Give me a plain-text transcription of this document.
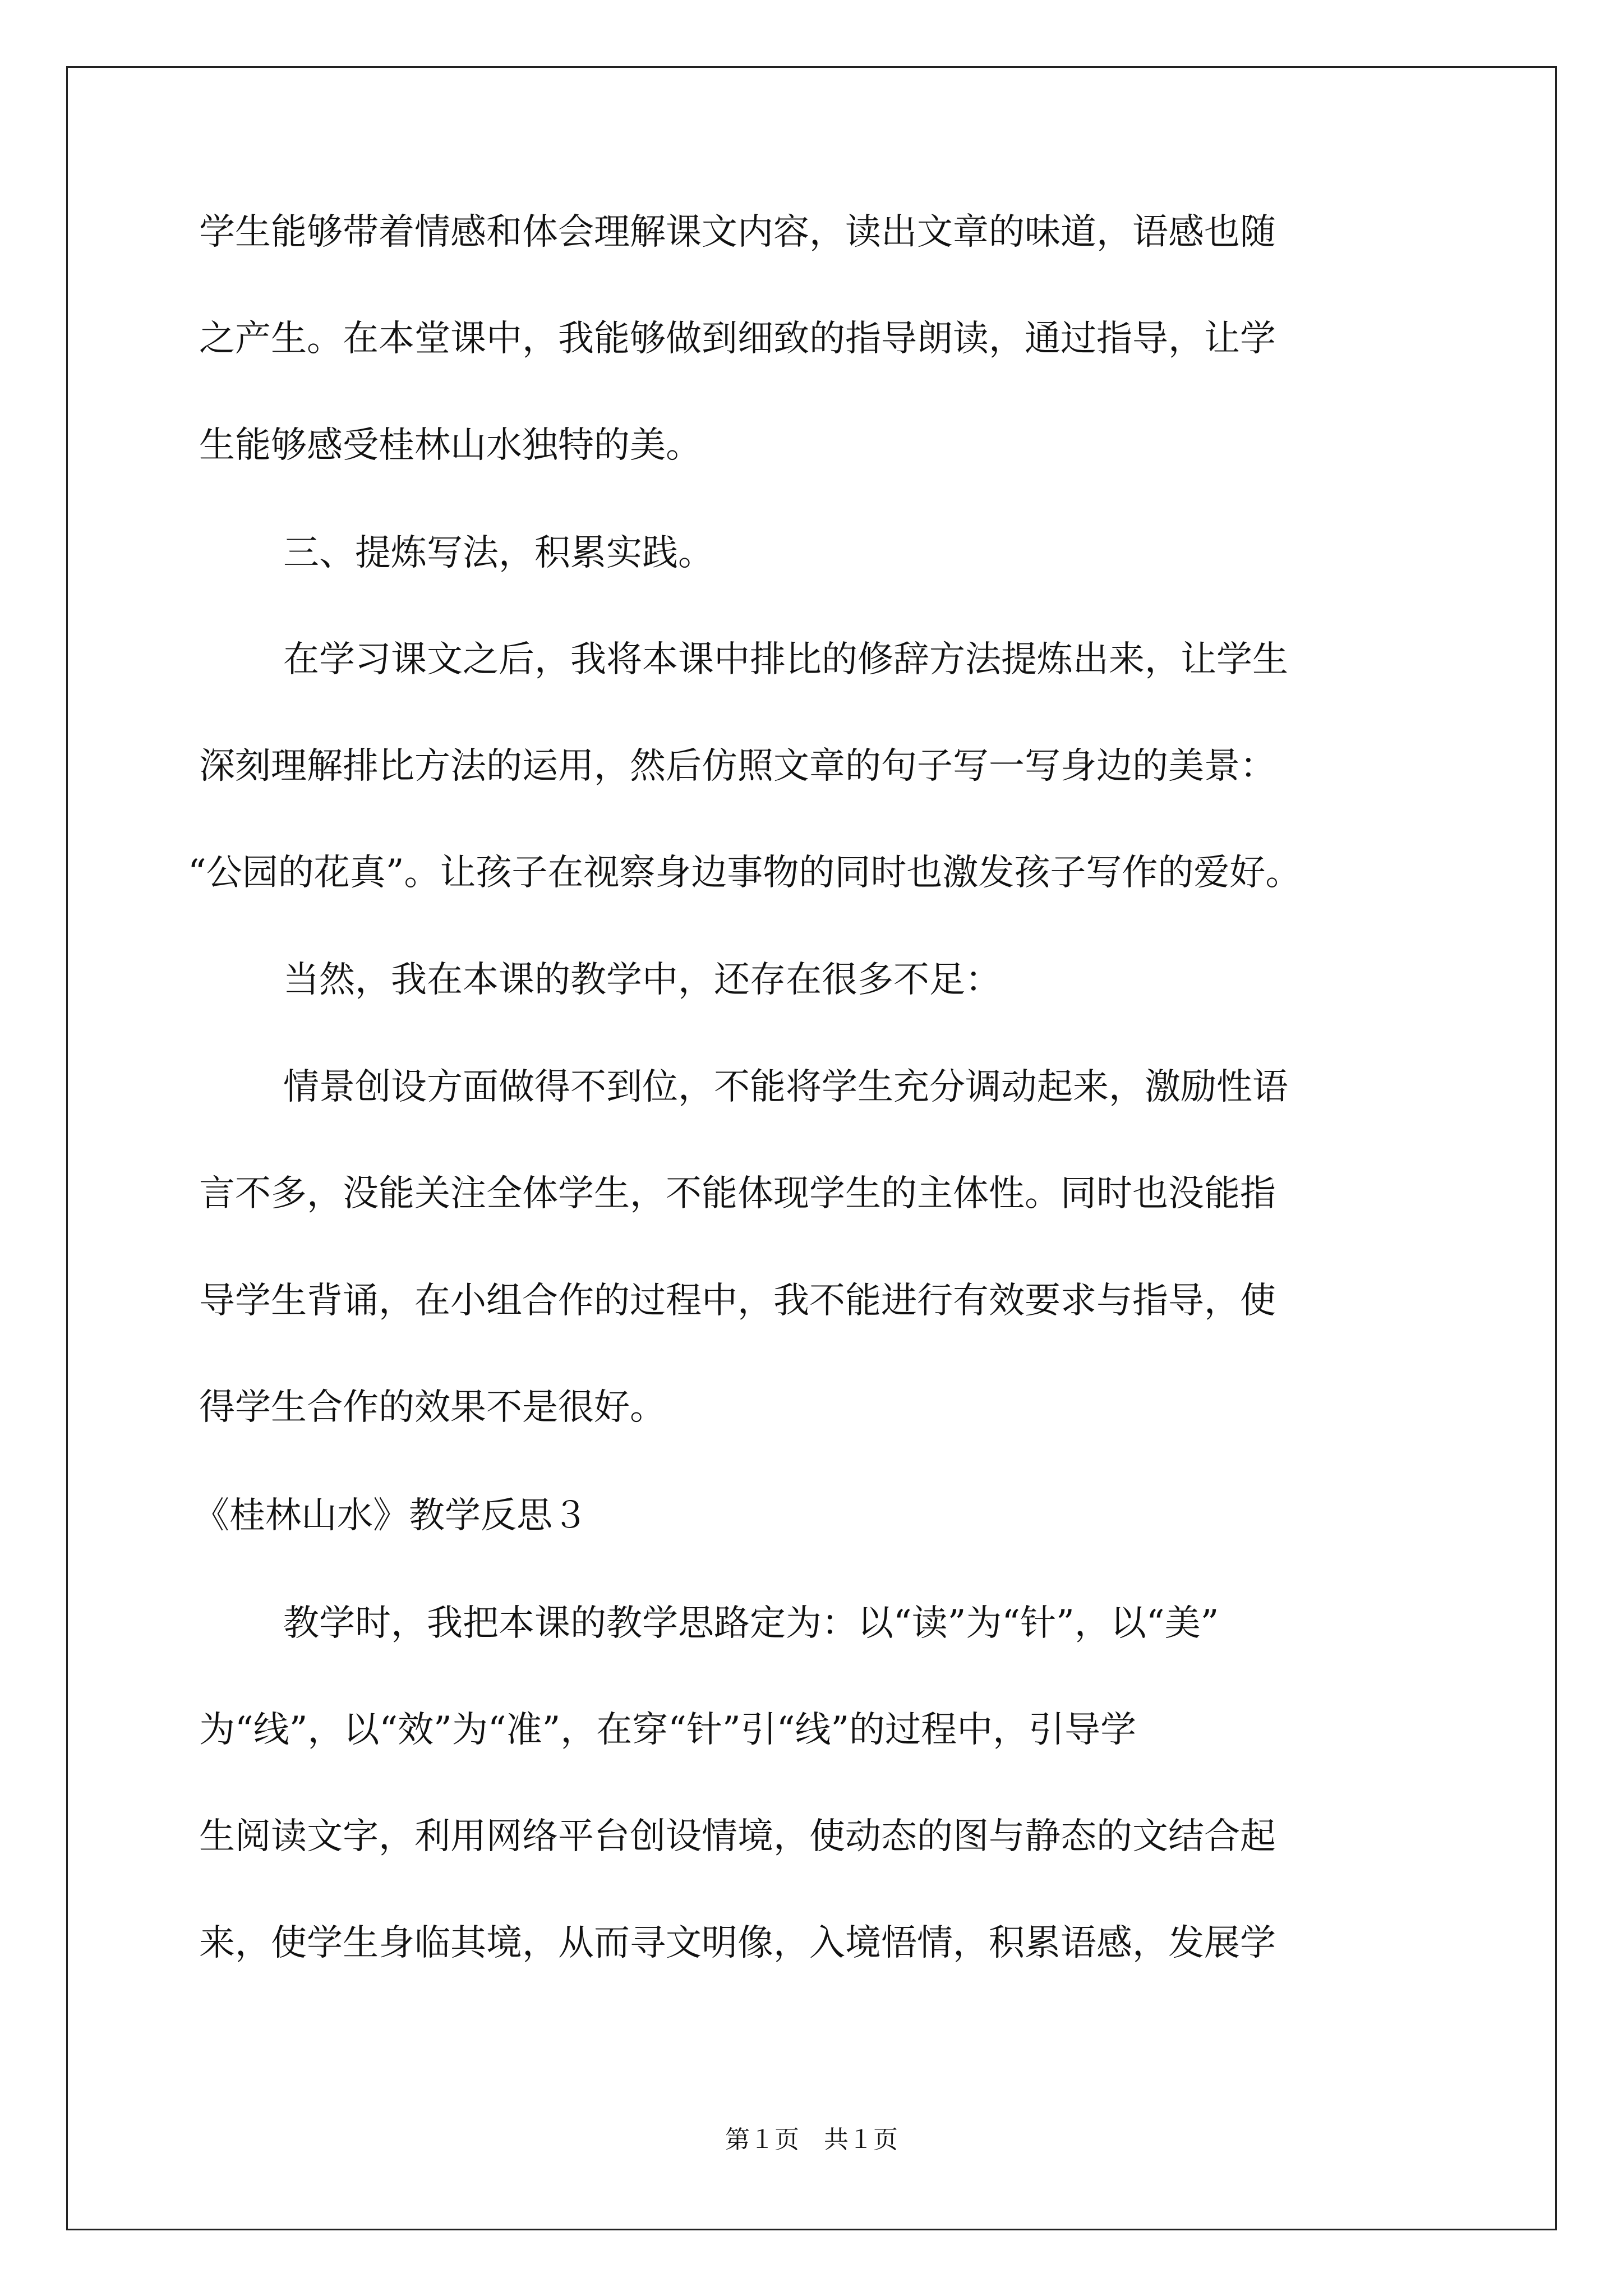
学生能够带着情感和体会理解课文内容，读出文章的味道，语感也随
之产生。在本堂课中，我能够做到细致的指导朗读，通过指导，让学
生能够感受桂林山水独特的美。
三、提炼写法，积累实践。
在学习课文之后，我将本课中排比的修辞方法提炼出来，让学生
深刻理解排比方法的运用，然后仿照文章的句子写一写身边的美景：
“公园的花真”。让孩子在视察身边事物的同时也激发孩子写作的爱好。
当然，我在本课的教学中，还存在很多不足：
情景创设方面做得不到位，不能将学生充分调动起来，激励性语
言不多，没能关注全体学生，不能体现学生的主体性。同时也没能指
导学生背诵，在小组合作的过程中，我不能进行有效要求与指导，使
得学生合作的效果不是很好。
《桂林山水》教学反思３
教学时，我把本课的教学思路定为：以“读”为“针”，以“美”
为“线”，以“效”为“准”，在穿“针”引“线”的过程中，引导学
生阅读文字，利用网络平台创设情境，使动态的图与静态的文结合起
来，使学生身临其境，从而寻文明像，入境悟情，积累语感，发展学
第１页　共１页
